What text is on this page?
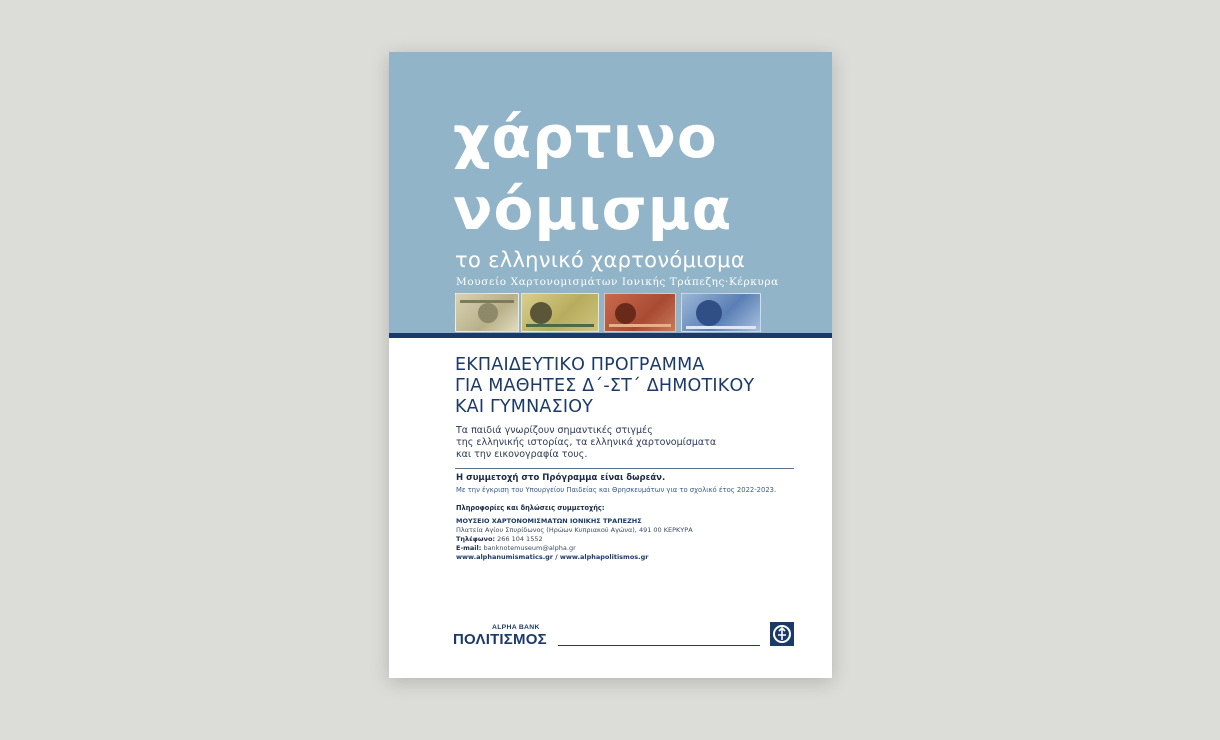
χάρτινο
νόμισμα
το ελληνικό χαρτονόμισμα
Μουσείο Χαρτονομισμάτων Ιονικής Τράπεζης·Κέρκυρα
ΕΚΠΑΙΔΕΥΤΙΚΟ ΠΡΟΓΡΑΜΜΑ
ΓΙΑ ΜΑΘΗΤΕΣ Δ΄-ΣΤ΄ ΔΗΜΟΤΙΚΟΥ
ΚΑΙ ΓΥΜΝΑΣΙΟΥ
Τα παιδιά γνωρίζουν σημαντικές στιγμές
της ελληνικής ιστορίας, τα ελληνικά χαρτονομίσματα
και την εικονογραφία τους.
Η συμμετοχή στο Πρόγραμμα είναι δωρεάν.
Με την έγκριση του Υπουργείου Παιδείας και Θρησκευμάτων για το σχολικό έτος 2022-2023.
Πληροφορίες και δηλώσεις συμμετοχής:
ΜΟΥΣΕΙΟ ΧΑΡΤΟΝΟΜΙΣΜΑΤΩΝ ΙΟΝΙΚΗΣ ΤΡΑΠΕΖΗΣ
Πλατεία Αγίου Σπυρίδωνος (Ηρώων Κυπριακού Αγώνα), 491 00 ΚΕΡΚΥΡΑ
Τηλέφωνο: 266 104 1552
E-mail: banknotemuseum@alpha.gr
www.alphanumismatics.gr / www.alphapolitismos.gr
ALPHA BANK
ΠΟΛΙΤΙΣΜΟΣ
